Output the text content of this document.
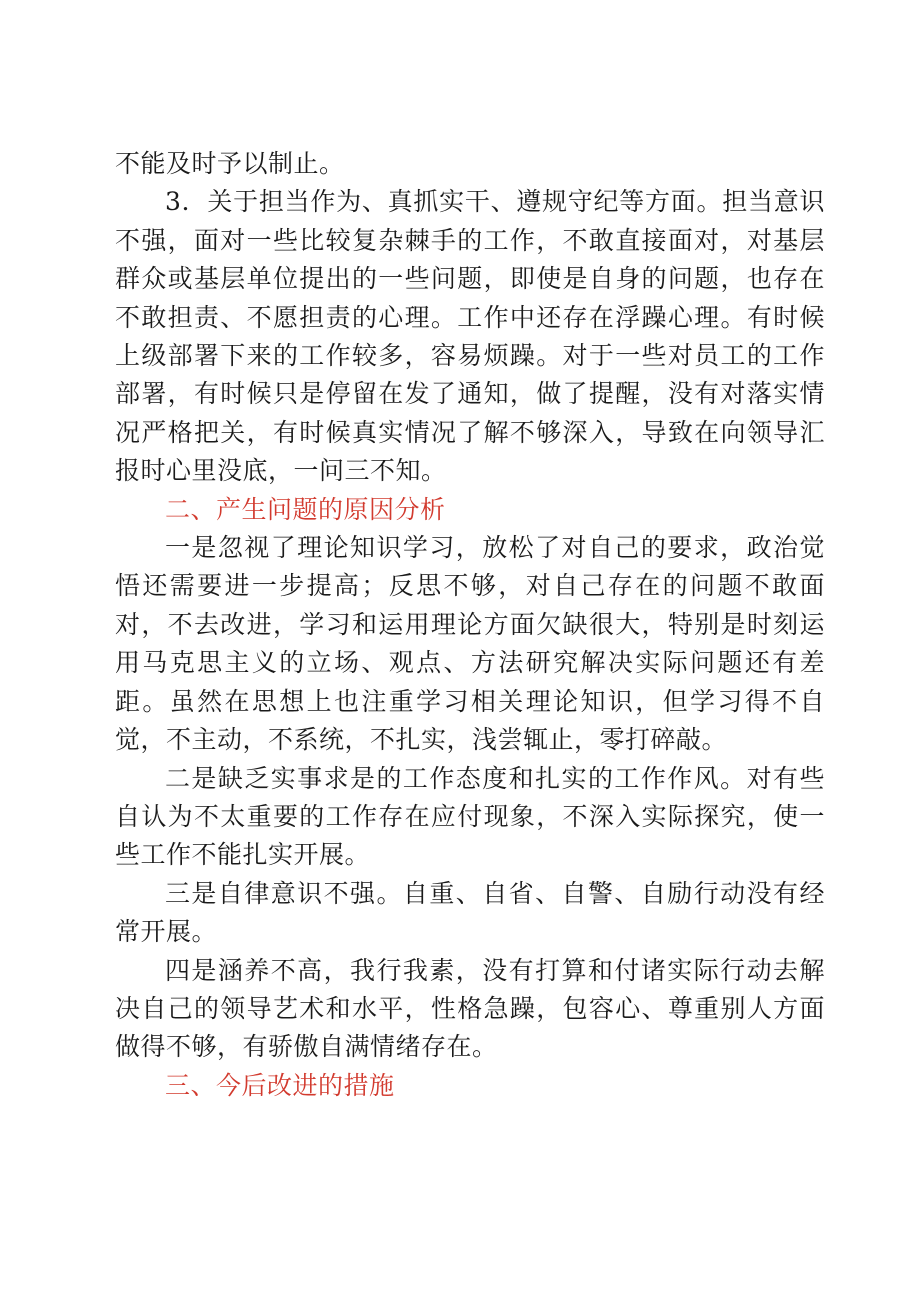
不能及时予以制止。

3．关于担当作为、真抓实干、遵规守纪等方面。担当意识不强，面对一些比较复杂棘手的工作，不敢直接面对，对基层群众或基层单位提出的一些问题，即使是自身的问题，也存在不敢担责、不愿担责的心理。工作中还存在浮躁心理。有时候上级部署下来的工作较多，容易烦躁。对于一些对员工的工作部署，有时候只是停留在发了通知，做了提醒，没有对落实情况严格把关，有时候真实情况了解不够深入，导致在向领导汇报时心里没底，一问三不知。

二、产生问题的原因分析

一是忽视了理论知识学习，放松了对自己的要求，政治觉悟还需要进一步提高；反思不够，对自己存在的问题不敢面对，不去改进，学习和运用理论方面欠缺很大，特别是时刻运用马克思主义的立场、观点、方法研究解决实际问题还有差距。虽然在思想上也注重学习相关理论知识，但学习得不自觉，不主动，不系统，不扎实，浅尝辄止，零打碎敲。

二是缺乏实事求是的工作态度和扎实的工作作风。对有些自认为不太重要的工作存在应付现象，不深入实际探究，使一些工作不能扎实开展。

三是自律意识不强。自重、自省、自警、自励行动没有经常开展。

四是涵养不高，我行我素，没有打算和付诸实际行动去解决自己的领导艺术和水平，性格急躁，包容心、尊重别人方面做得不够，有骄傲自满情绪存在。

三、今后改进的措施
